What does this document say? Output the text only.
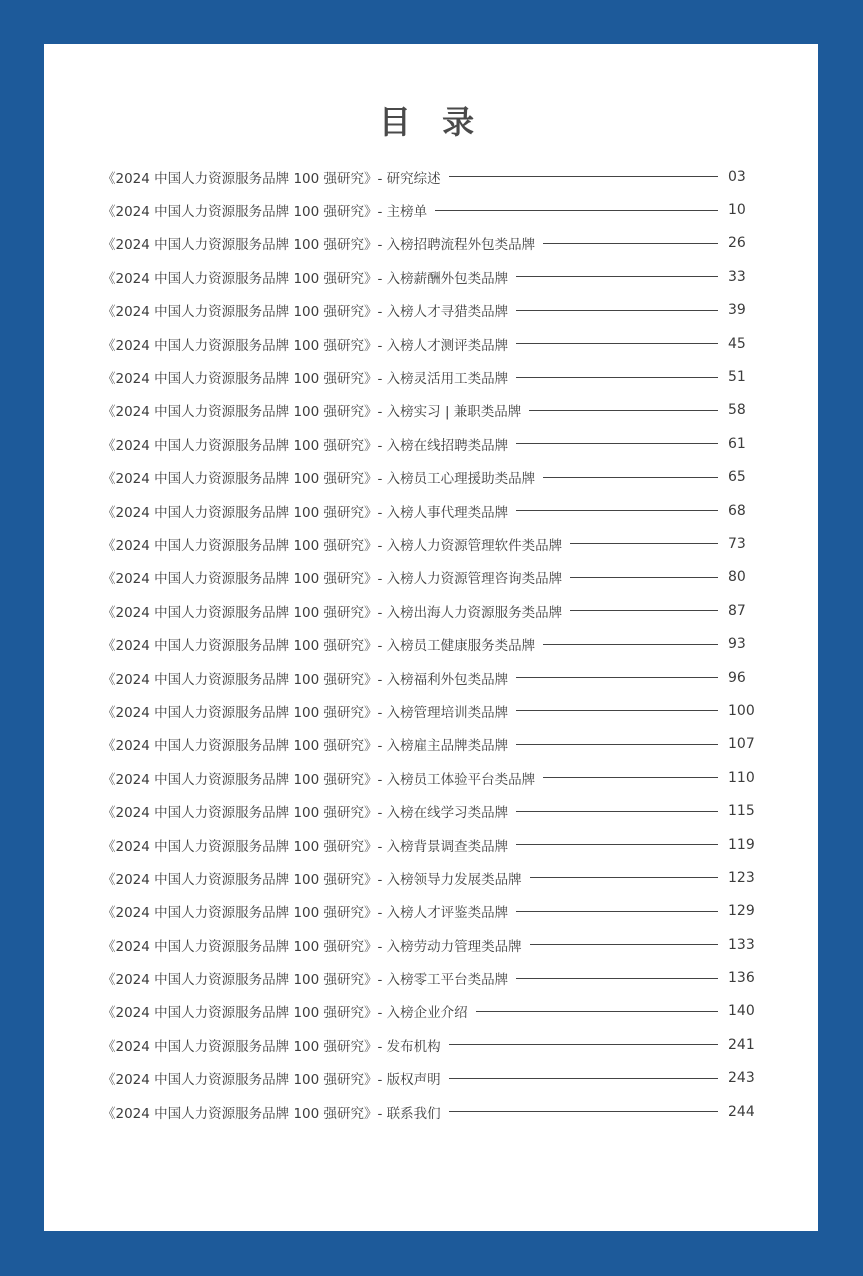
目 录
《2024 中国人力资源服务品牌 100 强研究》- 研究综述	03
《2024 中国人力资源服务品牌 100 强研究》- 主榜单	10
《2024 中国人力资源服务品牌 100 强研究》- 入榜招聘流程外包类品牌	26
《2024 中国人力资源服务品牌 100 强研究》- 入榜薪酬外包类品牌	33
《2024 中国人力资源服务品牌 100 强研究》- 入榜人才寻猎类品牌	39
《2024 中国人力资源服务品牌 100 强研究》- 入榜人才测评类品牌	45
《2024 中国人力资源服务品牌 100 强研究》- 入榜灵活用工类品牌	51
《2024 中国人力资源服务品牌 100 强研究》- 入榜实习 | 兼职类品牌	58
《2024 中国人力资源服务品牌 100 强研究》- 入榜在线招聘类品牌	61
《2024 中国人力资源服务品牌 100 强研究》- 入榜员工心理援助类品牌	65
《2024 中国人力资源服务品牌 100 强研究》- 入榜人事代理类品牌	68
《2024 中国人力资源服务品牌 100 强研究》- 入榜人力资源管理软件类品牌	73
《2024 中国人力资源服务品牌 100 强研究》- 入榜人力资源管理咨询类品牌	80
《2024 中国人力资源服务品牌 100 强研究》- 入榜出海人力资源服务类品牌	87
《2024 中国人力资源服务品牌 100 强研究》- 入榜员工健康服务类品牌	93
《2024 中国人力资源服务品牌 100 强研究》- 入榜福利外包类品牌	96
《2024 中国人力资源服务品牌 100 强研究》- 入榜管理培训类品牌	100
《2024 中国人力资源服务品牌 100 强研究》- 入榜雇主品牌类品牌	107
《2024 中国人力资源服务品牌 100 强研究》- 入榜员工体验平台类品牌	110
《2024 中国人力资源服务品牌 100 强研究》- 入榜在线学习类品牌	115
《2024 中国人力资源服务品牌 100 强研究》- 入榜背景调查类品牌	119
《2024 中国人力资源服务品牌 100 强研究》- 入榜领导力发展类品牌	123
《2024 中国人力资源服务品牌 100 强研究》- 入榜人才评鉴类品牌	129
《2024 中国人力资源服务品牌 100 强研究》- 入榜劳动力管理类品牌	133
《2024 中国人力资源服务品牌 100 强研究》- 入榜零工平台类品牌	136
《2024 中国人力资源服务品牌 100 强研究》- 入榜企业介绍	140
《2024 中国人力资源服务品牌 100 强研究》- 发布机构	241
《2024 中国人力资源服务品牌 100 强研究》- 版权声明	243
《2024 中国人力资源服务品牌 100 强研究》- 联系我们	244
